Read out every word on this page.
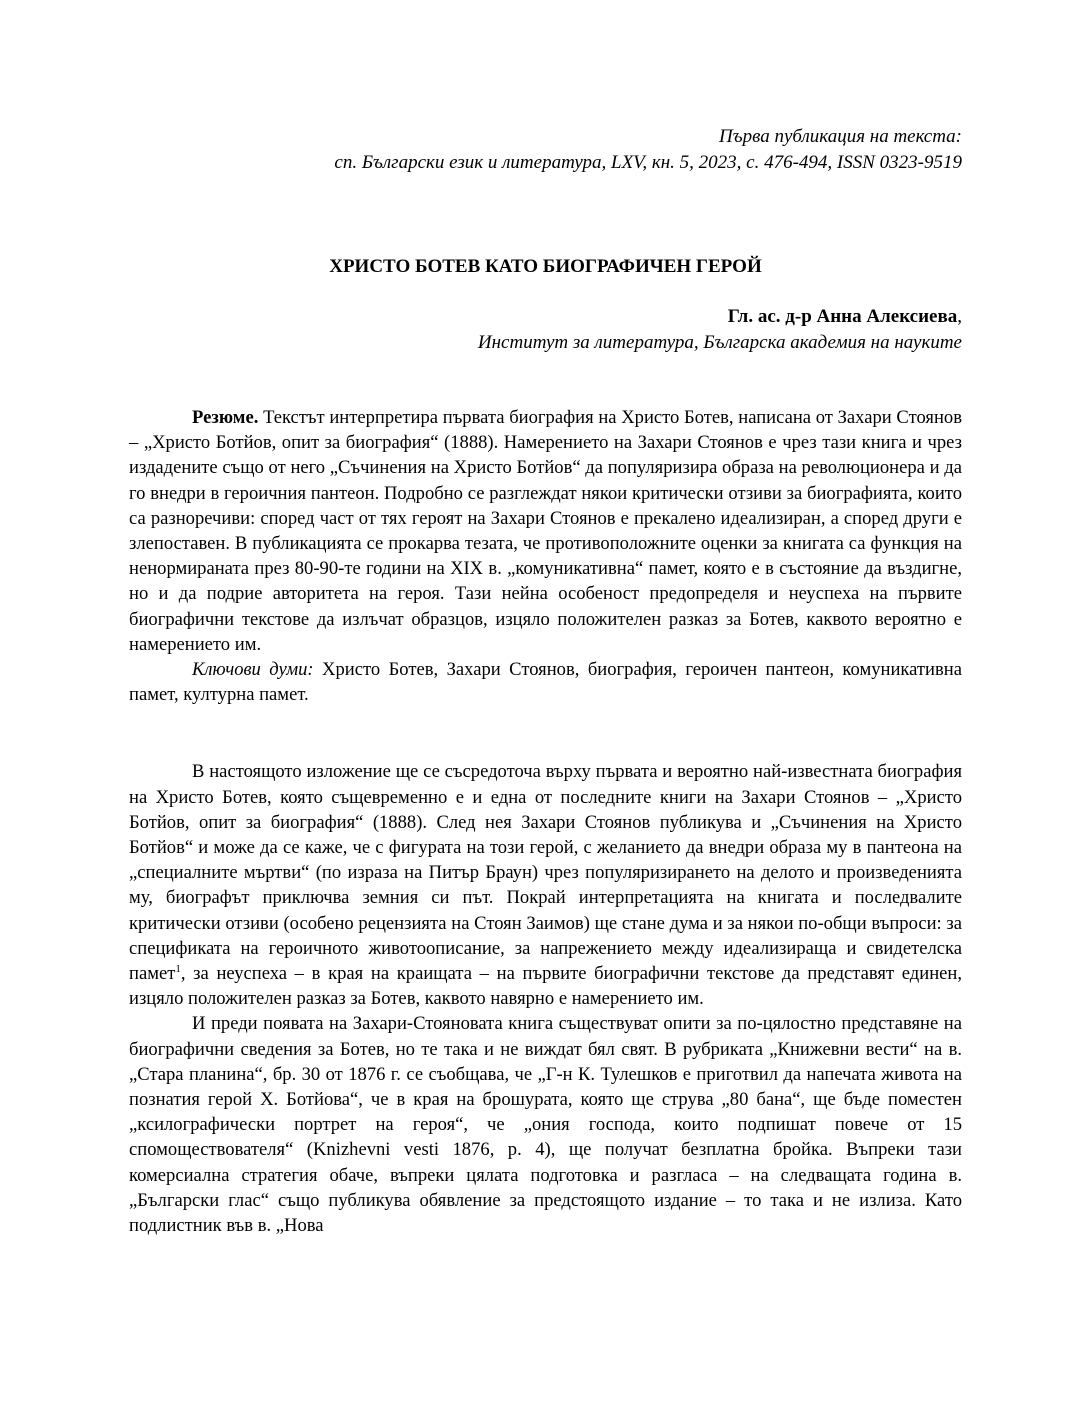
Първа публикация на текста:
сп. Български език и литература, LXV, кн. 5, 2023, с. 476-494, ISSN 0323-9519
ХРИСТО БОТЕВ КАТО БИОГРАФИЧЕН ГЕРОЙ
Гл. ас. д-р Анна Алексиева,
Институт за литература, Българска академия на науките

Резюме. Текстът интерпретира първата биография на Христо Ботев, написана от Захари Стоянов – „Христо Ботйов, опит за биография“ (1888). Намерението на Захари Стоянов е чрез тази книга и чрез издадените също от него „Съчинения на Христо Ботйов“ да популяризира образа на революционера и да го внедри в героичния пантеон. Подробно се разглеждат някои критически отзиви за биографията, които са разноречиви: според част от тях героят на Захари Стоянов е прекалено идеализиран, а според други е злепоставен. В публикацията се прокарва тезата, че противоположните оценки за книгата са функция на ненормираната през 80-90-те години на XIX в. „комуникативна“ памет, която е в състояние да въздигне, но и да подрие авторитета на героя. Тази нейна особеност предопределя и неуспеха на първите биографични текстове да излъчат образцов, изцяло положителен разказ за Ботев, каквото вероятно е намерението им.

Ключови думи: Христо Ботев, Захари Стоянов, биография, героичен пантеон, комуникативна памет, културна памет.

В настоящото изложение ще се съсредоточа върху първата и вероятно най-известната биография на Христо Ботев, която същевременно е и една от последните книги на Захари Стоянов – „Христо Ботйов, опит за биография“ (1888). След нея Захари Стоянов публикува и „Съчинения на Христо Ботйов“ и може да се каже, че с фигурата на този герой, с желанието да внедри образа му в пантеона на „специалните мъртви“ (по израза на Питър Браун) чрез популяризирането на делото и произведенията му, биографът приключва земния си път. Покрай интерпретацията на книгата и последвалите критически отзиви (особено рецензията на Стоян Заимов) ще стане дума и за някои по-общи въпроси: за спецификата на героичното животоописание, за напрежението между идеализираща и свидетелска памет$^1$, за неуспеха – в края на краищата – на първите биографични текстове да представят единен, изцяло положителен разказ за Ботев, каквото навярно е намерението им.

И преди появата на Захари-Стояновата книга съществуват опити за по-цялостно представяне на биографични сведения за Ботев, но те така и не виждат бял свят. В рубриката „Книжевни вести“ на в. „Стара планина“, бр. 30 от 1876 г. се съобщава, че „Г-н К. Тулешков е приготвил да напечата живота на познатия герой Х. Ботйова“, че в края на брошурата, която ще струва „80 бана“, ще бъде поместен „ксилографически портрет на героя“, че „ония господа, които подпишат повече от 15 спомоществователя“ (Knizhevni vesti 1876, p. 4), ще получат безплатна бройка. Въпреки тази комерсиална стратегия обаче, въпреки цялата подготовка и разгласа – на следващата година в. „Български глас“ също публикува обявление за предстоящото издание – то така и не излиза. Като подлистник във в. „Нова
